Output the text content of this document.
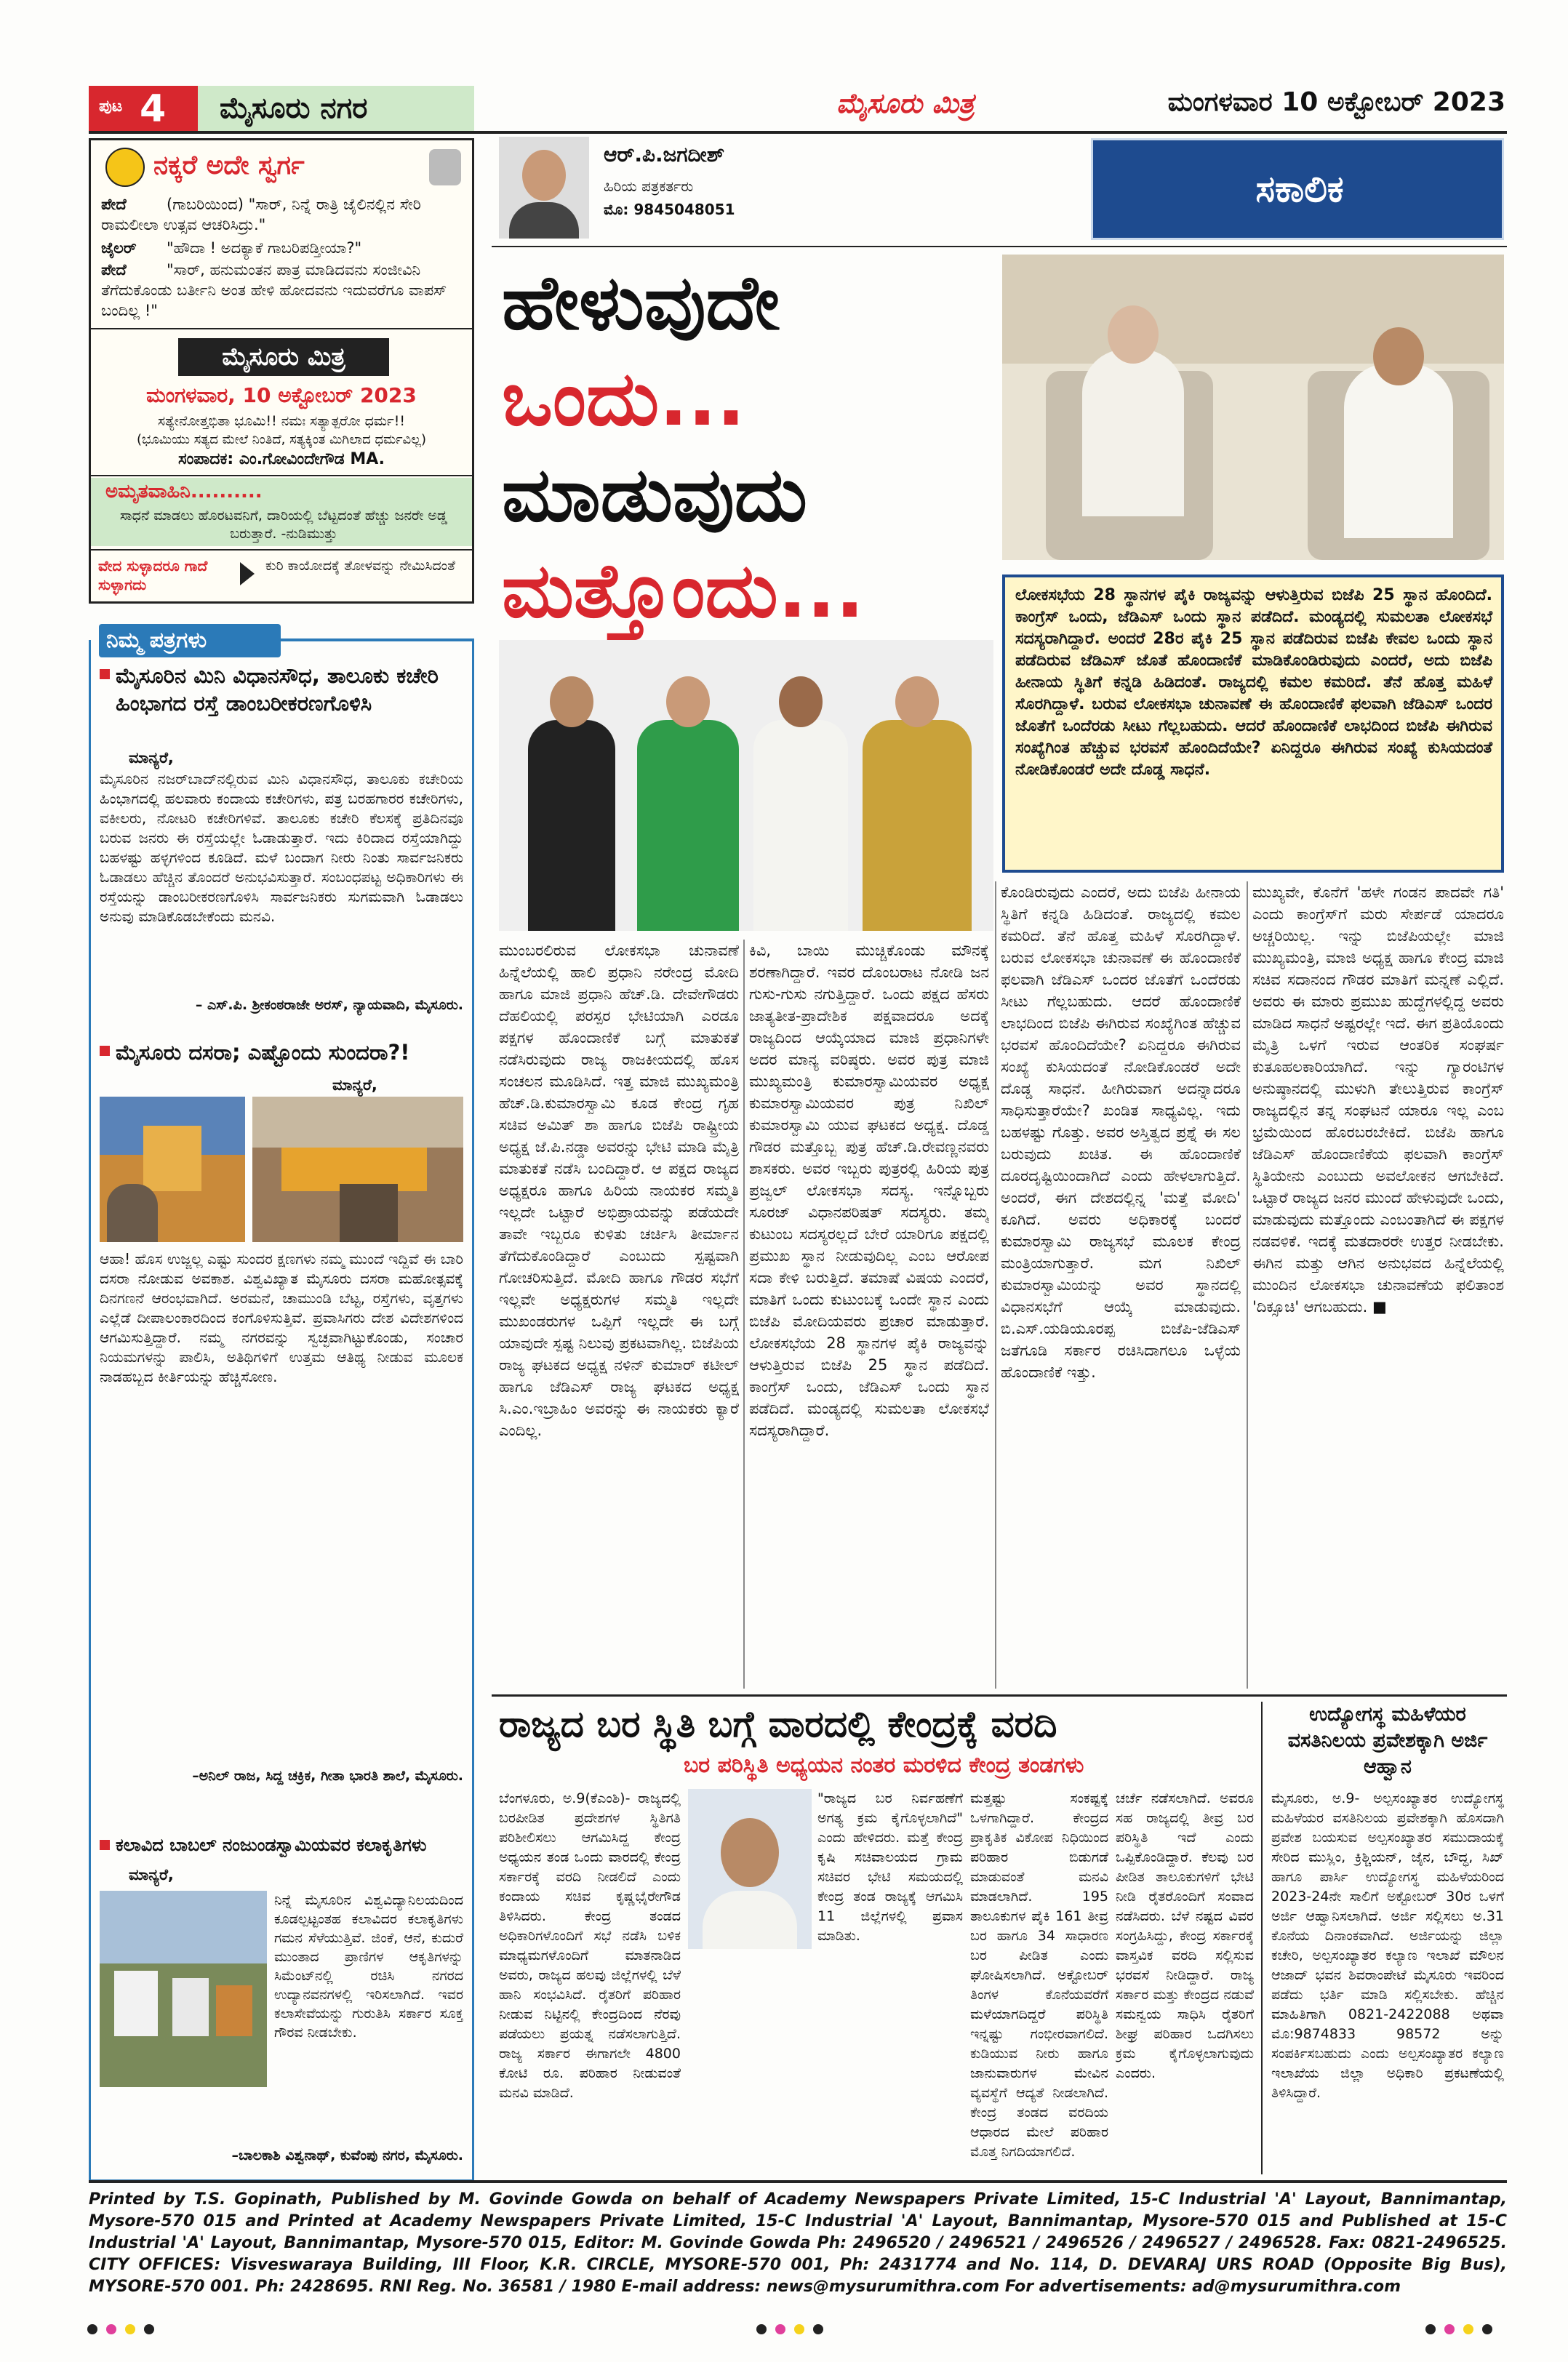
ಪುಟ 4 ಮೈಸೂರು ನಗರ	ಮೈಸೂರು ಮಿತ್ರ	ಮಂಗಳವಾರ 10 ಅಕ್ಟೋಬರ್ 2023
ನಕ್ಕರೆ ಅದೇ ಸ್ವರ್ಗ
ಪೇದೆ	(ಗಾಬರಿಯಿಂದ) "ಸಾರ್, ನಿನ್ನೆ ರಾತ್ರಿ ಜೈಲಿನಲ್ಲಿನ ಸೇರಿ ರಾಮಲೀಲಾ ಉತ್ಸವ ಆಚರಿಸಿದ್ರು."
ಜೈಲರ್ "ಹೌದಾ ! ಅದಕ್ಯಾಕೆ ಗಾಬರಿಪಡ್ತೀಯಾ?"
ಪೇದೆ	"ಸಾರ್, ಹನುಮಂತನ ಪಾತ್ರ ಮಾಡಿದವನು ಸಂಜೀವಿನಿ ತೆಗೆದುಕೊಂಡು ಬರ್ತೀನಿ ಅಂತ ಹೇಳಿ ಹೋದವನು ಇದುವರೆಗೂ ವಾಪಸ್ ಬಂದಿಲ್ಲ !"
ಮೈಸೂರು ಮಿತ್ರ
ಮಂಗಳವಾರ, 10 ಅಕ್ಟೋಬರ್ 2023
ಸತ್ಯೇನೋತ್ತಭಿತಾ ಭೂಮಿ!! ನಮಃ ಸತ್ಯಾತ್ಪರೋ ಧರ್ಮ!!
(ಭೂಮಿಯು ಸತ್ಯದ ಮೇಲೆ ನಿಂತಿದೆ, ಸತ್ಯಕ್ಕಿಂತ ಮಿಗಿಲಾದ ಧರ್ಮವಿಲ್ಲ)
ಸಂಪಾದಕ: ಎಂ.ಗೋವಿಂದೇಗೌಡ MA.
ಅಮೃತವಾಹಿನಿ..........
ಸಾಧನೆ ಮಾಡಲು ಹೊರಟವನಿಗೆ, ದಾರಿಯಲ್ಲಿ ಬೆಟ್ಟದಂತೆ ಹೆಚ್ಚು ಜನರೇ ಅಡ್ಡ ಬರುತ್ತಾರೆ. -ನುಡಿಮುತ್ತು
ವೇದ ಸುಳ್ಳಾದರೂ ಗಾದೆ ಸುಳ್ಳಾಗದು
ಕುರಿ ಕಾಯೋದಕ್ಕೆ ತೋಳವನ್ನು ನೇಮಿಸಿದಂತೆ
ನಿಮ್ಮ ಪತ್ರಗಳು
ಮೈಸೂರಿನ ಮಿನಿ ವಿಧಾನಸೌಧ, ತಾಲೂಕು ಕಚೇರಿ ಹಿಂಭಾಗದ ರಸ್ತೆ ಡಾಂಬರೀಕರಣಗೊಳಿಸಿ
ಮಾನ್ಯರೆ,
ಮೈಸೂರಿನ ನಜರ್‌ಬಾದ್‌ನಲ್ಲಿರುವ ಮಿನಿ ವಿಧಾನಸೌಧ, ತಾಲೂಕು ಕಚೇರಿಯ ಹಿಂಭಾಗದಲ್ಲಿ ಹಲವಾರು ಕಂದಾಯ ಕಚೇರಿಗಳು, ಪತ್ರ ಬರಹಗಾರರ ಕಚೇರಿಗಳು, ವಕೀಲರು, ನೋಟರಿ ಕಚೇರಿಗಳಿವೆ. ತಾಲೂಕು ಕಚೇರಿ ಕೆಲಸಕ್ಕೆ ಪ್ರತಿದಿನವೂ ಬರುವ ಜನರು ಈ ರಸ್ತೆಯಲ್ಲೇ ಓಡಾಡುತ್ತಾರೆ. ಇದು ಕಿರಿದಾದ ರಸ್ತೆಯಾಗಿದ್ದು ಬಹಳಷ್ಟು ಹಳ್ಳಗಳಿಂದ ಕೂಡಿದೆ. ಮಳೆ ಬಂದಾಗ ನೀರು ನಿಂತು ಸಾರ್ವಜನಿಕರು ಓಡಾಡಲು ಹೆಚ್ಚಿನ ತೊಂದರೆ ಅನುಭವಿಸುತ್ತಾರೆ. ಸಂಬಂಧಪಟ್ಟ ಅಧಿಕಾರಿಗಳು ಈ ರಸ್ತೆಯನ್ನು ಡಾಂಬರೀಕರಣಗೊಳಿಸಿ ಸಾರ್ವಜನಿಕರು ಸುಗಮವಾಗಿ ಓಡಾಡಲು ಅನುವು ಮಾಡಿಕೊಡಬೇಕೆಂದು ಮನವಿ.
– ಎಸ್.ಪಿ. ಶ್ರೀಕಂಠರಾಜೇ ಅರಸ್, ನ್ಯಾಯವಾದಿ, ಮೈಸೂರು.
ಮೈಸೂರು ದಸರಾ; ಎಷ್ಟೊಂದು ಸುಂದರಾ?!
ಮಾನ್ಯರೆ,
ಆಹಾ! ಹೊಸ ಉಜ್ಜಲ್ಲ ಎಷ್ಟು ಸುಂದರ ಕ್ಷಣಗಳು ನಮ್ಮ ಮುಂದೆ ಇದ್ದಿವೆ ಈ ಬಾರಿ ದಸರಾ ನೋಡುವ ಅವಕಾಶ. ವಿಶ್ವವಿಖ್ಯಾತ ಮೈಸೂರು ದಸರಾ ಮಹೋತ್ಸವಕ್ಕೆ ದಿನಗಣನೆ ಆರಂಭವಾಗಿದೆ. ಅರಮನೆ, ಚಾಮುಂಡಿ ಬೆಟ್ಟ, ರಸ್ತೆಗಳು, ವೃತ್ತಗಳು ಎಲ್ಲೆಡೆ ದೀಪಾಲಂಕಾರದಿಂದ ಕಂಗೊಳಿಸುತ್ತಿವೆ. ಪ್ರವಾಸಿಗರು ದೇಶ ವಿದೇಶಗಳಿಂದ ಆಗಮಿಸುತ್ತಿದ್ದಾರೆ. ನಮ್ಮ ನಗರವನ್ನು ಸ್ವಚ್ಛವಾಗಿಟ್ಟುಕೊಂಡು, ಸಂಚಾರ ನಿಯಮಗಳನ್ನು ಪಾಲಿಸಿ, ಅತಿಥಿಗಳಿಗೆ ಉತ್ತಮ ಆತಿಥ್ಯ ನೀಡುವ ಮೂಲಕ ನಾಡಹಬ್ಬದ ಕೀರ್ತಿಯನ್ನು ಹೆಚ್ಚಿಸೋಣ.
–ಅನಿಲ್ ರಾಜ, ಸಿದ್ದ ಚಕ್ರಿಕ, ಗೀತಾ ಭಾರತಿ ಶಾಲೆ, ಮೈಸೂರು.
ಕಲಾವಿದ ಬಾಬಲ್ ನಂಜುಂಡಸ್ವಾಮಿಯವರ ಕಲಾಕೃತಿಗಳು
ಮಾನ್ಯರೆ,
ನಿನ್ನೆ ಮೈಸೂರಿನ ವಿಶ್ವವಿದ್ಯಾನಿಲಯದಿಂದ ಕೂಡಲ್ಪಟ್ಟಂತಹ ಕಲಾವಿದರ ಕಲಾಕೃತಿಗಳು ಗಮನ ಸೆಳೆಯುತ್ತಿವೆ. ಜಿಂಕೆ, ಆನೆ, ಕುದುರೆ ಮುಂತಾದ ಪ್ರಾಣಿಗಳ ಆಕೃತಿಗಳನ್ನು ಸಿಮೆಂಟ್‌ನಲ್ಲಿ ರಚಿಸಿ ನಗರದ ಉದ್ಯಾನವನಗಳಲ್ಲಿ ಇರಿಸಲಾಗಿದೆ. ಇವರ ಕಲಾಸೇವೆಯನ್ನು ಗುರುತಿಸಿ ಸರ್ಕಾರ ಸೂಕ್ತ ಗೌರವ ನೀಡಬೇಕು.
–ಬಾಲಕಾಶಿ ವಿಶ್ವನಾಥ್, ಕುವೆಂಪು ನಗರ, ಮೈಸೂರು.
ಆರ್.ಪಿ.ಜಗದೀಶ್
ಹಿರಿಯ ಪತ್ರಕರ್ತರು
ಮೊ: 9845048051	ಸಕಾಲಿಕ
ಹೇಳುವುದೇ
ಒಂದು...
ಮಾಡುವುದು
ಮತ್ತೊಂದು...	ಲೋಕಸಭೆಯ 28 ಸ್ಥಾನಗಳ ಪೈಕಿ ರಾಜ್ಯವನ್ನು ಆಳುತ್ತಿರುವ ಬಿಜೆಪಿ 25 ಸ್ಥಾನ ಹೊಂದಿದೆ. ಕಾಂಗ್ರೆಸ್ ಒಂದು, ಜೆಡಿಎಸ್ ಒಂದು ಸ್ಥಾನ ಪಡೆದಿದೆ. ಮಂಡ್ಯದಲ್ಲಿ ಸುಮಲತಾ ಲೋಕಸಭೆ ಸದಸ್ಯರಾಗಿದ್ದಾರೆ. ಅಂದರೆ 28ರ ಪೈಕಿ 25 ಸ್ಥಾನ ಪಡೆದಿರುವ ಬಿಜೆಪಿ ಕೇವಲ ಒಂದು ಸ್ಥಾನ ಪಡೆದಿರುವ ಜೆಡಿಎಸ್ ಜೊತೆ ಹೊಂದಾಣಿಕೆ ಮಾಡಿಕೊಂಡಿರುವುದು ಎಂದರೆ, ಅದು ಬಿಜೆಪಿ ಹೀನಾಯ ಸ್ಥಿತಿಗೆ ಕನ್ನಡಿ ಹಿಡಿದಂತೆ. ರಾಜ್ಯದಲ್ಲಿ ಕಮಲ ಕಮರಿದೆ. ತೆನೆ ಹೊತ್ತ ಮಹಿಳೆ ಸೊರಗಿದ್ದಾಳೆ. ಬರುವ ಲೋಕಸಭಾ ಚುನಾವಣೆ ಈ ಹೊಂದಾಣಿಕೆ ಫಲವಾಗಿ ಜೆಡಿಎಸ್ ಒಂದರ ಜೊತೆಗೆ ಒಂದೆರಡು ಸೀಟು ಗೆಲ್ಲಬಹುದು. ಆದರೆ ಹೊಂದಾಣಿಕೆ ಲಾಭದಿಂದ ಬಿಜೆಪಿ ಈಗಿರುವ ಸಂಖ್ಯೆಗಿಂತ ಹೆಚ್ಚುವ ಭರವಸೆ ಹೊಂದಿದೆಯೇ? ಏನಿದ್ದರೂ ಈಗಿರುವ ಸಂಖ್ಯೆ ಕುಸಿಯದಂತೆ ನೋಡಿಕೊಂಡರೆ ಅದೇ ದೊಡ್ಡ ಸಾಧನೆ.
ಮುಂಬರಲಿರುವ ಲೋಕಸಭಾ ಚುನಾವಣೆ ಹಿನ್ನೆಲೆಯಲ್ಲಿ ಹಾಲಿ ಪ್ರಧಾನಿ ನರೇಂದ್ರ ಮೋದಿ ಹಾಗೂ ಮಾಜಿ ಪ್ರಧಾನಿ ಹೆಚ್.ಡಿ. ದೇವೇಗೌಡರು ದೆಹಲಿಯಲ್ಲಿ ಪರಸ್ಪರ ಭೇಟಿಯಾಗಿ ಎರಡೂ ಪಕ್ಷಗಳ ಹೊಂದಾಣಿಕೆ ಬಗ್ಗೆ ಮಾತುಕತೆ ನಡೆಸಿರುವುದು ರಾಜ್ಯ ರಾಜಕೀಯದಲ್ಲಿ ಹೊಸ ಸಂಚಲನ ಮೂಡಿಸಿದೆ. ಇತ್ತ ಮಾಜಿ ಮುಖ್ಯಮಂತ್ರಿ ಹೆಚ್.ಡಿ.ಕುಮಾರಸ್ವಾಮಿ ಕೂಡ ಕೇಂದ್ರ ಗೃಹ ಸಚಿವ ಅಮಿತ್ ಶಾ ಹಾಗೂ ಬಿಜೆಪಿ ರಾಷ್ಟ್ರೀಯ ಅಧ್ಯಕ್ಷ ಜೆ.ಪಿ.ನಡ್ಡಾ ಅವರನ್ನು ಭೇಟಿ ಮಾಡಿ ಮೈತ್ರಿ ಮಾತುಕತೆ ನಡೆಸಿ ಬಂದಿದ್ದಾರೆ. ಆ ಪಕ್ಷದ ರಾಜ್ಯದ ಅಧ್ಯಕ್ಷರೂ ಹಾಗೂ ಹಿರಿಯ ನಾಯಕರ ಸಮ್ಮತಿ ಇಲ್ಲದೇ ಒಟ್ಟಾರೆ ಅಭಿಪ್ರಾಯವನ್ನು ಪಡೆಯದೇ ತಾವೇ ಇಬ್ಬರೂ ಕುಳಿತು ಚರ್ಚಿಸಿ ತೀರ್ಮಾನ ತೆಗೆದುಕೊಂಡಿದ್ದಾರೆ ಎಂಬುದು ಸ್ಪಷ್ಟವಾಗಿ ಗೋಚರಿಸುತ್ತಿದೆ. ಮೋದಿ ಹಾಗೂ ಗೌಡರ ಸಭೆಗೆ ಇಲ್ಲವೇ ಅಧ್ಯಕ್ಷರುಗಳ ಸಮ್ಮತಿ ಇಲ್ಲದೇ ಮುಖಂಡರುಗಳ ಒಪ್ಪಿಗೆ ಇಲ್ಲದೇ ಈ ಬಗ್ಗೆ ಯಾವುದೇ ಸ್ಪಷ್ಟ ನಿಲುವು ಪ್ರಕಟವಾಗಿಲ್ಲ. ಬಿಜೆಪಿಯ ರಾಜ್ಯ ಘಟಕದ ಅಧ್ಯಕ್ಷ ನಳಿನ್ ಕುಮಾರ್ ಕಟೀಲ್ ಹಾಗೂ ಜೆಡಿಎಸ್ ರಾಜ್ಯ ಘಟಕದ ಅಧ್ಯಕ್ಷ ಸಿ.ಎಂ.ಇಬ್ರಾಹಿಂ ಅವರನ್ನು ಈ ನಾಯಕರು ಕ್ಯಾರೆ ಎಂದಿಲ್ಲ.
ಕಿವಿ, ಬಾಯಿ ಮುಚ್ಚಿಕೊಂಡು ಮೌನಕ್ಕೆ ಶರಣಾಗಿದ್ದಾರೆ. ಇವರ ದೊಂಬರಾಟ ನೋಡಿ ಜನ ಗುಸು-ಗುಸು ನಗುತ್ತಿದ್ದಾರೆ. ಒಂದು ಪಕ್ಷದ ಹೆಸರು ಜಾತ್ಯತೀತ-ಪ್ರಾದೇಶಿಕ ಪಕ್ಷವಾದರೂ ಅದಕ್ಕೆ ರಾಜ್ಯದಿಂದ ಆಯ್ಕೆಯಾದ ಮಾಜಿ ಪ್ರಧಾನಿಗಳೇ ಅದರ ಮಾನ್ಯ ವರಿಷ್ಠರು. ಅವರ ಪುತ್ರ ಮಾಜಿ ಮುಖ್ಯಮಂತ್ರಿ ಕುಮಾರಸ್ವಾಮಿಯವರ ಅಧ್ಯಕ್ಷ ಕುಮಾರಸ್ವಾಮಿಯವರ ಪುತ್ರ ನಿಖಿಲ್ ಕುಮಾರಸ್ವಾಮಿ ಯುವ ಘಟಕದ ಅಧ್ಯಕ್ಷ. ದೊಡ್ಡ ಗೌಡರ ಮತ್ತೊಬ್ಬ ಪುತ್ರ ಹೆಚ್.ಡಿ.ರೇವಣ್ಣನವರು ಶಾಸಕರು. ಅವರ ಇಬ್ಬರು ಪುತ್ರರಲ್ಲಿ ಹಿರಿಯ ಪುತ್ರ ಪ್ರಜ್ವಲ್ ಲೋಕಸಭಾ ಸದಸ್ಯ. ಇನ್ನೊಬ್ಬರು ಸೂರಜ್ ವಿಧಾನಪರಿಷತ್ ಸದಸ್ಯರು. ತಮ್ಮ ಕುಟುಂಬ ಸದಸ್ಯರಲ್ಲದೆ ಬೇರೆ ಯಾರಿಗೂ ಪಕ್ಷದಲ್ಲಿ ಪ್ರಮುಖ ಸ್ಥಾನ ನೀಡುವುದಿಲ್ಲ ಎಂಬ ಆರೋಪ ಸದಾ ಕೇಳಿ ಬರುತ್ತಿದೆ. ತಮಾಷೆ ವಿಷಯ ಎಂದರೆ, ಮಾತಿಗೆ ಒಂದು ಕುಟುಂಬಕ್ಕೆ ಒಂದೇ ಸ್ಥಾನ ಎಂದು ಬಿಜೆಪಿ ಮೋದಿಯವರು ಪ್ರಚಾರ ಮಾಡುತ್ತಾರೆ. ಲೋಕಸಭೆಯ 28 ಸ್ಥಾನಗಳ ಪೈಕಿ ರಾಜ್ಯವನ್ನು ಆಳುತ್ತಿರುವ ಬಿಜೆಪಿ 25 ಸ್ಥಾನ ಪಡೆದಿದೆ. ಕಾಂಗ್ರೆಸ್ ಒಂದು, ಜೆಡಿಎಸ್ ಒಂದು ಸ್ಥಾನ ಪಡೆದಿದೆ. ಮಂಡ್ಯದಲ್ಲಿ ಸುಮಲತಾ ಲೋಕಸಭೆ ಸದಸ್ಯರಾಗಿದ್ದಾರೆ.
ಕೊಂಡಿರುವುದು ಎಂದರೆ, ಅದು ಬಿಜೆಪಿ ಹೀನಾಯ ಸ್ಥಿತಿಗೆ ಕನ್ನಡಿ ಹಿಡಿದಂತೆ. ರಾಜ್ಯದಲ್ಲಿ ಕಮಲ ಕಮರಿದೆ. ತೆನೆ ಹೊತ್ತ ಮಹಿಳೆ ಸೊರಗಿದ್ದಾಳೆ. ಬರುವ ಲೋಕಸಭಾ ಚುನಾವಣೆ ಈ ಹೊಂದಾಣಿಕೆ ಫಲವಾಗಿ ಜೆಡಿಎಸ್ ಒಂದರ ಜೊತೆಗೆ ಒಂದೆರಡು ಸೀಟು ಗೆಲ್ಲಬಹುದು. ಆದರೆ ಹೊಂದಾಣಿಕೆ ಲಾಭದಿಂದ ಬಿಜೆಪಿ ಈಗಿರುವ ಸಂಖ್ಯೆಗಿಂತ ಹೆಚ್ಚುವ ಭರವಸೆ ಹೊಂದಿದೆಯೇ? ಏನಿದ್ದರೂ ಈಗಿರುವ ಸಂಖ್ಯೆ ಕುಸಿಯದಂತೆ ನೋಡಿಕೊಂಡರೆ ಅದೇ ದೊಡ್ಡ ಸಾಧನೆ. ಹೀಗಿರುವಾಗ ಅದನ್ನಾದರೂ ಸಾಧಿಸುತ್ತಾರೆಯೇ? ಖಂಡಿತ ಸಾಧ್ಯವಿಲ್ಲ. ಇದು ಬಹಳಷ್ಟು ಗೊತ್ತು. ಅವರ ಅಸ್ತಿತ್ವದ ಪ್ರಶ್ನೆ ಈ ಸಲ ಬರುವುದು ಖಚಿತ. ಈ ಹೊಂದಾಣಿಕೆ ದೂರದೃಷ್ಟಿಯಿಂದಾಗಿದೆ ಎಂದು ಹೇಳಲಾಗುತ್ತಿದೆ. ಅಂದರೆ, ಈಗ ದೇಶದಲ್ಲಿನ್ನ 'ಮತ್ತೆ ಮೋದಿ' ಕೂಗಿದೆ. ಅವರು ಅಧಿಕಾರಕ್ಕೆ ಬಂದರೆ ಕುಮಾರಸ್ವಾಮಿ ರಾಜ್ಯಸಭೆ ಮೂಲಕ ಕೇಂದ್ರ ಮಂತ್ರಿಯಾಗುತ್ತಾರೆ. ಮಗ ನಿಖಿಲ್ ಕುಮಾರಸ್ವಾಮಿಯನ್ನು ಅವರ ಸ್ಥಾನದಲ್ಲಿ ವಿಧಾನಸಭೆಗೆ ಆಯ್ಕೆ ಮಾಡುವುದು. ಬಿ.ಎಸ್.ಯಡಿಯೂರಪ್ಪ ಬಿಜೆಪಿ-ಜೆಡಿಎಸ್ ಜತೆಗೂಡಿ ಸರ್ಕಾರ ರಚಿಸಿದಾಗಲೂ ಒಳ್ಳೆಯ ಹೊಂದಾಣಿಕೆ ಇತ್ತು.
ಮುಖ್ಯವೇ, ಕೊನೆಗೆ 'ಹಳೇ ಗಂಡನ ಪಾದವೇ ಗತಿ' ಎಂದು ಕಾಂಗ್ರೆಸ್‌ಗೆ ಮರು ಸೇರ್ಪಡೆ ಯಾದರೂ ಅಚ್ಚರಿಯಿಲ್ಲ. ಇನ್ನು ಬಿಜೆಪಿಯಲ್ಲೇ ಮಾಜಿ ಮುಖ್ಯಮಂತ್ರಿ, ಮಾಜಿ ಅಧ್ಯಕ್ಷ ಹಾಗೂ ಕೇಂದ್ರ ಮಾಜಿ ಸಚಿವ ಸದಾನಂದ ಗೌಡರ ಮಾತಿಗೆ ಮನ್ನಣೆ ಎಲ್ಲಿದೆ. ಅವರು ಈ ಮಾರು ಪ್ರಮುಖ ಹುದ್ದೆಗಳಲ್ಲಿದ್ದ ಅವರು ಮಾಡಿದ ಸಾಧನೆ ಅಷ್ಟರಲ್ಲೇ ಇದೆ. ಈಗ ಪ್ರತಿಯೊಂದು ಮೈತ್ರಿ ಒಳಗೆ ಇರುವ ಆಂತರಿಕ ಸಂಘರ್ಷ ಕುತೂಹಲಕಾರಿಯಾಗಿದೆ. ಇನ್ನು ಗ್ಯಾರಂಟಿಗಳ ಅನುಷ್ಠಾನದಲ್ಲಿ ಮುಳುಗಿ ತೇಲುತ್ತಿರುವ ಕಾಂಗ್ರೆಸ್ ರಾಜ್ಯದಲ್ಲಿನ ತನ್ನ ಸಂಘಟನೆ ಯಾರೂ ಇಲ್ಲ ಎಂಬ ಭ್ರಮೆಯಿಂದ ಹೊರಬರಬೇಕಿದೆ. ಬಿಜೆಪಿ ಹಾಗೂ ಜೆಡಿಎಸ್ ಹೊಂದಾಣಿಕೆಯ ಫಲವಾಗಿ ಕಾಂಗ್ರೆಸ್ ಸ್ಥಿತಿಯೇನು ಎಂಬುದು ಅವಲೋಕನ ಆಗಬೇಕಿದೆ. ಒಟ್ಟಾರೆ ರಾಜ್ಯದ ಜನರ ಮುಂದೆ ಹೇಳುವುದೇ ಒಂದು, ಮಾಡುವುದು ಮತ್ತೊಂದು ಎಂಬಂತಾಗಿದೆ ಈ ಪಕ್ಷಗಳ ನಡವಳಿಕೆ. ಇದಕ್ಕೆ ಮತದಾರರೇ ಉತ್ತರ ನೀಡಬೇಕು. ಈಗಿನ ಮತ್ತು ಆಗಿನ ಅನುಭವದ ಹಿನ್ನೆಲೆಯಲ್ಲಿ ಮುಂದಿನ ಲೋಕಸಭಾ ಚುನಾವಣೆಯ ಫಲಿತಾಂಶ 'ದಿಕ್ಸೂಚಿ' ಆಗಬಹುದು. ■
ರಾಜ್ಯದ ಬರ ಸ್ಥಿತಿ ಬಗ್ಗೆ ವಾರದಲ್ಲಿ ಕೇಂದ್ರಕ್ಕೆ ವರದಿ
ಬರ ಪರಿಸ್ಥಿತಿ ಅಧ್ಯಯನ ನಂತರ ಮರಳಿದ ಕೇಂದ್ರ ತಂಡಗಳು
ಬೆಂಗಳೂರು, ಅ.9(ಕೆಎಂಶಿ)- ರಾಜ್ಯದಲ್ಲಿ ಬರಪೀಡಿತ ಪ್ರದೇಶಗಳ ಸ್ಥಿತಿಗತಿ ಪರಿಶೀಲಿಸಲು ಆಗಮಿಸಿದ್ದ ಕೇಂದ್ರ ಅಧ್ಯಯನ ತಂಡ ಒಂದು ವಾರದಲ್ಲಿ ಕೇಂದ್ರ ಸರ್ಕಾರಕ್ಕೆ ವರದಿ ನೀಡಲಿದೆ ಎಂದು ಕಂದಾಯ ಸಚಿವ ಕೃಷ್ಣಭೈರೇಗೌಡ ತಿಳಿಸಿದರು. ಕೇಂದ್ರ ತಂಡದ ಅಧಿಕಾರಿಗಳೊಂದಿಗೆ ಸಭೆ ನಡೆಸಿ ಬಳಿಕ ಮಾಧ್ಯಮಗಳೊಂದಿಗೆ ಮಾತನಾಡಿದ ಅವರು, ರಾಜ್ಯದ ಹಲವು ಜಿಲ್ಲೆಗಳಲ್ಲಿ ಬೆಳೆ ಹಾನಿ ಸಂಭವಿಸಿದೆ. ರೈತರಿಗೆ ಪರಿಹಾರ ನೀಡುವ ನಿಟ್ಟಿನಲ್ಲಿ ಕೇಂದ್ರದಿಂದ ನೆರವು ಪಡೆಯಲು ಪ್ರಯತ್ನ ನಡೆಸಲಾಗುತ್ತಿದೆ. ರಾಜ್ಯ ಸರ್ಕಾರ ಈಗಾಗಲೇ 4800 ಕೋಟಿ ರೂ. ಪರಿಹಾರ ನೀಡುವಂತೆ ಮನವಿ ಮಾಡಿದೆ.
"ರಾಜ್ಯದ ಬರ ನಿರ್ವಹಣೆಗೆ ಅಗತ್ಯ ಕ್ರಮ ಕೈಗೊಳ್ಳಲಾಗಿದೆ" ಎಂದು ಹೇಳಿದರು. ಮತ್ತೆ ಕೇಂದ್ರ ಕೃಷಿ ಸಚಿವಾಲಯದ ಗ್ರಾಮ ಸಚಿವರ ಭೇಟಿ ಸಮಯದಲ್ಲಿ ಕೇಂದ್ರ ತಂಡ ರಾಜ್ಯಕ್ಕೆ ಆಗಮಿಸಿ 11 ಜಿಲ್ಲೆಗಳಲ್ಲಿ ಪ್ರವಾಸ ಮಾಡಿತು.
ಮತ್ತಷ್ಟು ಸಂಕಷ್ಟಕ್ಕೆ ಒಳಗಾಗಿದ್ದಾರೆ. ಕೇಂದ್ರದ ಪ್ರಾಕೃತಿಕ ವಿಕೋಪ ನಿಧಿಯಿಂದ ಪರಿಹಾರ ಬಿಡುಗಡೆ ಮಾಡುವಂತೆ ಮನವಿ ಮಾಡಲಾಗಿದೆ. 195 ತಾಲೂಕುಗಳ ಪೈಕಿ 161 ತೀವ್ರ ಬರ ಹಾಗೂ 34 ಸಾಧಾರಣ ಬರ ಪೀಡಿತ ಎಂದು ಘೋಷಿಸಲಾಗಿದೆ. ಅಕ್ಟೋಬರ್ ತಿಂಗಳ ಕೊನೆಯವರೆಗೆ ಮಳೆಯಾಗದಿದ್ದರೆ ಪರಿಸ್ಥಿತಿ ಇನ್ನಷ್ಟು ಗಂಭೀರವಾಗಲಿದೆ. ಕುಡಿಯುವ ನೀರು ಹಾಗೂ ಜಾನುವಾರುಗಳ ಮೇವಿನ ವ್ಯವಸ್ಥೆಗೆ ಆದ್ಯತೆ ನೀಡಲಾಗಿದೆ. ಕೇಂದ್ರ ತಂಡದ ವರದಿಯ ಆಧಾರದ ಮೇಲೆ ಪರಿಹಾರ ಮೊತ್ತ ನಿಗದಿಯಾಗಲಿದೆ.
ಚರ್ಚೆ ನಡೆಸಲಾಗಿದೆ. ಅವರೂ ಸಹ ರಾಜ್ಯದಲ್ಲಿ ತೀವ್ರ ಬರ ಪರಿಸ್ಥಿತಿ ಇದೆ ಎಂದು ಒಪ್ಪಿಕೊಂಡಿದ್ದಾರೆ. ಕೆಲವು ಬರ ಪೀಡಿತ ತಾಲೂಕುಗಳಿಗೆ ಭೇಟಿ ನೀಡಿ ರೈತರೊಂದಿಗೆ ಸಂವಾದ ನಡೆಸಿದರು. ಬೆಳೆ ನಷ್ಟದ ವಿವರ ಸಂಗ್ರಹಿಸಿದ್ದು, ಕೇಂದ್ರ ಸರ್ಕಾರಕ್ಕೆ ವಾಸ್ತವಿಕ ವರದಿ ಸಲ್ಲಿಸುವ ಭರವಸೆ ನೀಡಿದ್ದಾರೆ. ರಾಜ್ಯ ಸರ್ಕಾರ ಮತ್ತು ಕೇಂದ್ರದ ನಡುವೆ ಸಮನ್ವಯ ಸಾಧಿಸಿ ರೈತರಿಗೆ ಶೀಘ್ರ ಪರಿಹಾರ ಒದಗಿಸಲು ಕ್ರಮ ಕೈಗೊಳ್ಳಲಾಗುವುದು ಎಂದರು.
ಉದ್ಯೋಗಸ್ಥ ಮಹಿಳೆಯರ ವಸತಿನಿಲಯ ಪ್ರವೇಶಕ್ಕಾಗಿ ಅರ್ಜಿ ಆಹ್ವಾನ
ಮೈಸೂರು, ಅ.9- ಅಲ್ಪಸಂಖ್ಯಾತರ ಉದ್ಯೋಗಸ್ಥ ಮಹಿಳೆಯರ ವಸತಿನಿಲಯ ಪ್ರವೇಶಕ್ಕಾಗಿ ಹೊಸದಾಗಿ ಪ್ರವೇಶ ಬಯಸುವ ಅಲ್ಪಸಂಖ್ಯಾತರ ಸಮುದಾಯಕ್ಕೆ ಸೇರಿದ ಮುಸ್ಲಿಂ, ಕ್ರಿಶ್ಚಿಯನ್, ಜೈನ, ಬೌದ್ಧ, ಸಿಖ್ ಹಾಗೂ ಪಾರ್ಸಿ ಉದ್ಯೋಗಸ್ಥ ಮಹಿಳೆಯರಿಂದ 2023-24ನೇ ಸಾಲಿಗೆ ಅಕ್ಟೋಬರ್ 30ರ ಒಳಗೆ ಅರ್ಜಿ ಆಹ್ವಾನಿಸಲಾಗಿದೆ. ಅರ್ಜಿ ಸಲ್ಲಿಸಲು ಅ.31 ಕೊನೆಯ ದಿನಾಂಕವಾಗಿದೆ. ಅರ್ಜಿಯನ್ನು ಜಿಲ್ಲಾ ಕಚೇರಿ, ಅಲ್ಪಸಂಖ್ಯಾತರ ಕಲ್ಯಾಣ ಇಲಾಖೆ ಮೌಲನ ಆಜಾದ್ ಭವನ ಶಿವರಾಂಪೇಟೆ ಮೈಸೂರು ಇವರಿಂದ ಪಡೆದು ಭರ್ತಿ ಮಾಡಿ ಸಲ್ಲಿಸಬೇಕು. ಹೆಚ್ಚಿನ ಮಾಹಿತಿಗಾಗಿ 0821-2422088 ಅಥವಾ ಮೊ:9874833 98572 ಅನ್ನು ಸಂಪರ್ಕಿಸಬಹುದು ಎಂದು ಅಲ್ಪಸಂಖ್ಯಾತರ ಕಲ್ಯಾಣ ಇಲಾಖೆಯ ಜಿಲ್ಲಾ ಅಧಿಕಾರಿ ಪ್ರಕಟಣೆಯಲ್ಲಿ ತಿಳಿಸಿದ್ದಾರೆ.
Printed by T.S. Gopinath, Published by M. Govinde Gowda on behalf of Academy Newspapers Private Limited, 15-C Industrial 'A' Layout, Bannimantap, Mysore-570 015 and Printed at Academy Newspapers Private Limited, 15-C Industrial 'A' Layout, Bannimantap, Mysore-570 015 and Published at 15-C Industrial 'A' Layout, Bannimantap, Mysore-570 015, Editor: M. Govinde Gowda Ph: 2496520 / 2496521 / 2496526 / 2496527 / 2496528. Fax: 0821-2496525. CITY OFFICES: Visveswaraya Building, III Floor, K.R. CIRCLE, MYSORE-570 001, Ph: 2431774 and No. 114, D. DEVARAJ URS ROAD (Opposite Big Bus), MYSORE-570 001. Ph: 2428695. RNI Reg. No. 36581 / 1980 E-mail address: news@mysurumithra.com For advertisements: ad@mysurumithra.com
